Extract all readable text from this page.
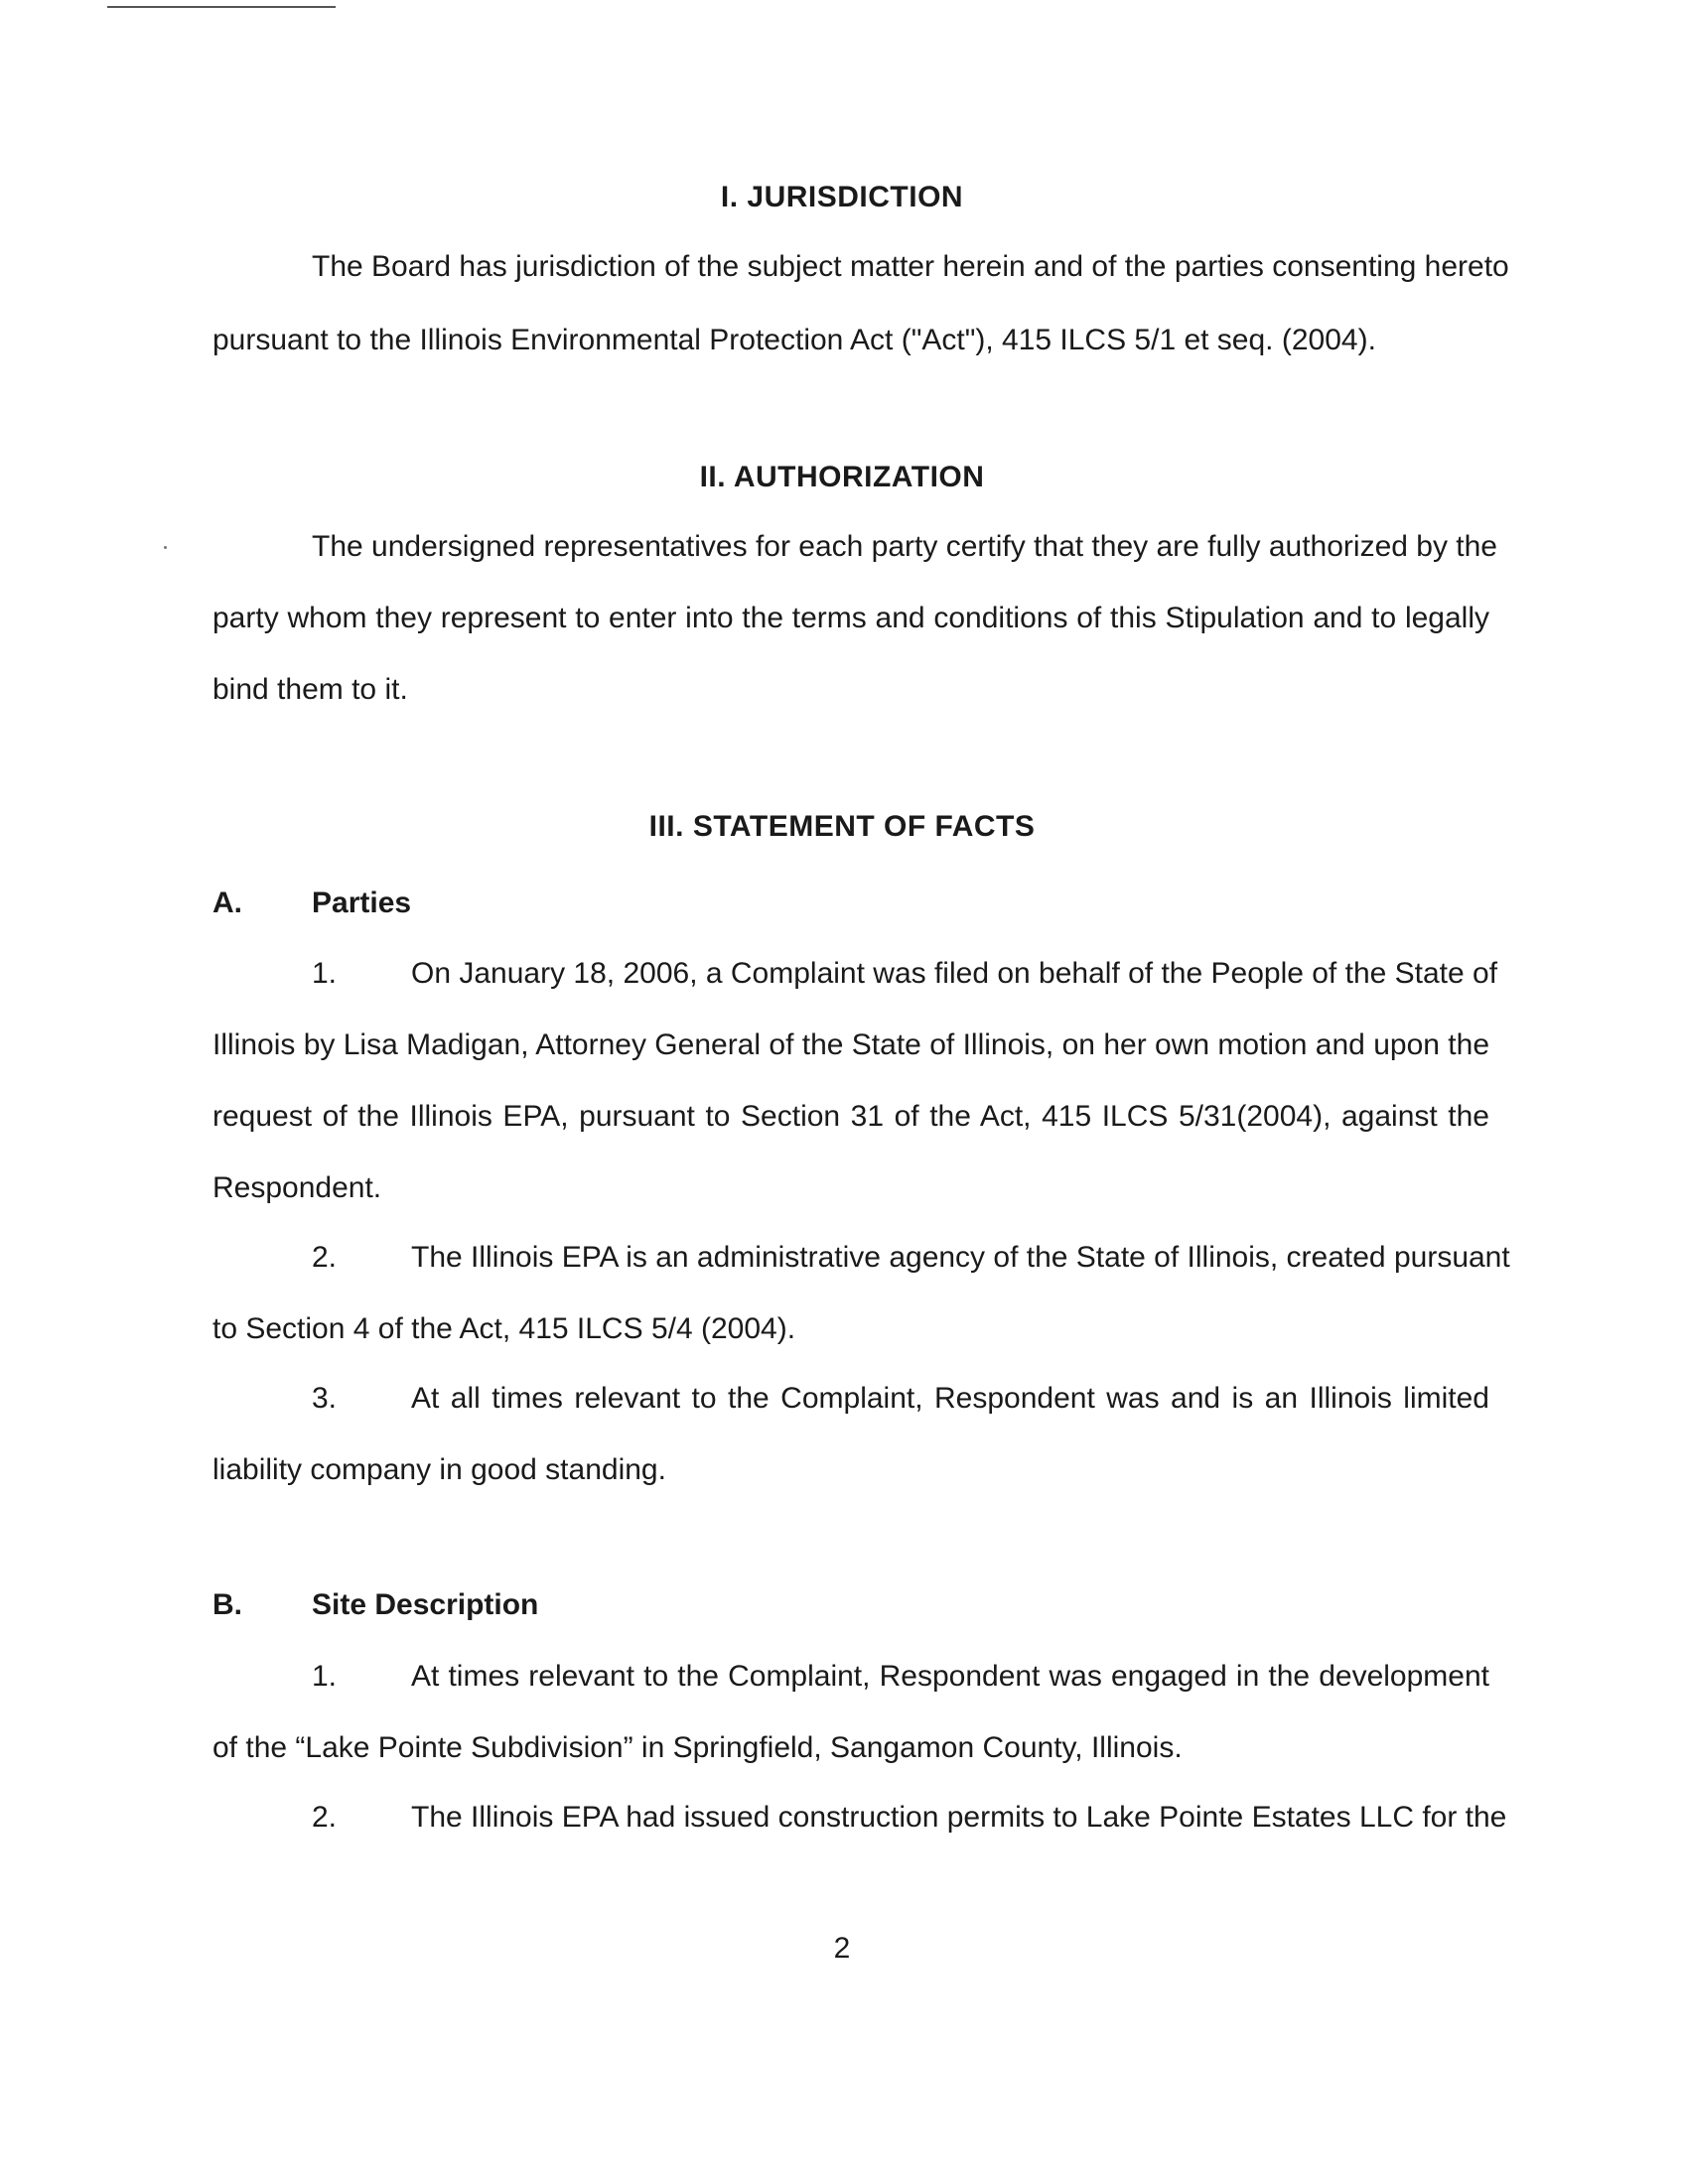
I. JURISDICTION
The Board has jurisdiction of the subject matter herein and of the parties consenting hereto
pursuant to the Illinois Environmental Protection Act ("Act"), 415 ILCS 5/1 et seq. (2004).
II. AUTHORIZATION
The undersigned representatives for each party certify that they are fully authorized by the
party whom they represent to enter into the terms and conditions of this Stipulation and to legally
bind them to it.
III. STATEMENT OF FACTS
A. Parties
1.	On January 18, 2006, a Complaint was filed on behalf of the People of the State of
Illinois by Lisa Madigan, Attorney General of the State of Illinois, on her own motion and upon the
request of the Illinois EPA, pursuant to Section 31 of the Act, 415 ILCS 5/31(2004), against the
Respondent.
2.	The Illinois EPA is an administrative agency of the State of Illinois, created pursuant
to Section 4 of the Act, 415 ILCS 5/4 (2004).
3.	At all times relevant to the Complaint, Respondent was and is an Illinois limited
liability company in good standing.
B. Site Description
1.	At times relevant to the Complaint, Respondent was engaged in the development
of the “Lake Pointe Subdivision” in Springfield, Sangamon County, Illinois.
2.	The Illinois EPA had issued construction permits to Lake Pointe Estates LLC for the
2
